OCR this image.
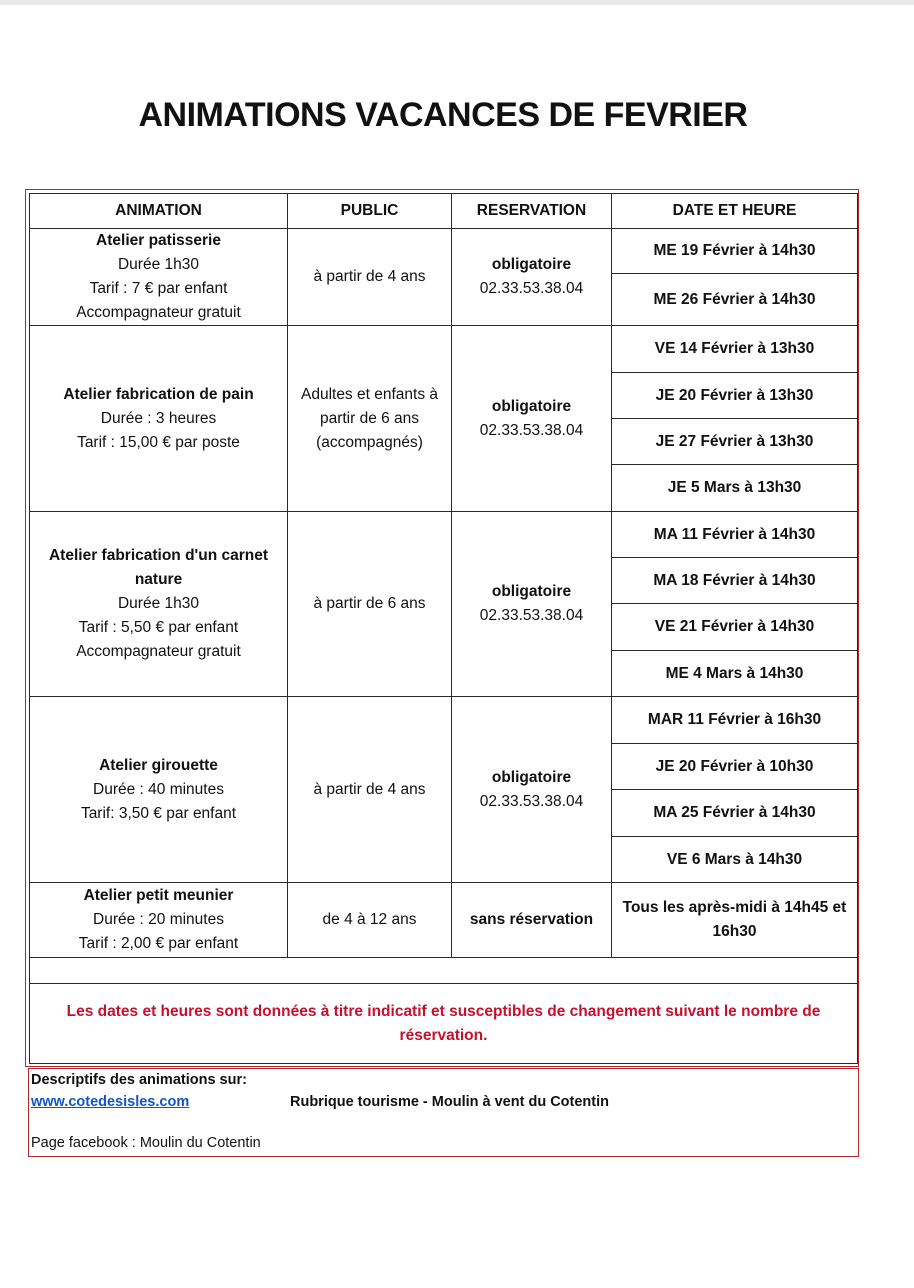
ANIMATIONS VACANCES DE FEVRIER
ANIMATION	PUBLIC	RESERVATION	DATE ET HEURE

Atelier patisserie
Durée 1h30
Tarif : 7 € par enfant
Accompagnateur gratuit	à partir de 4 ans	obligatoire
02.33.53.38.04	ME 19 Février à 14h30
			ME 26 Février à 14h30

Atelier fabrication de pain
Durée : 3 heures
Tarif : 15,00 € par poste	Adultes et enfants à partir de 6 ans (accompagnés)	obligatoire
02.33.53.38.04	VE 14 Février à 13h30
			JE 20 Février à 13h30
			JE 27 Février à 13h30
			JE 5 Mars à 13h30

Atelier fabrication d'un carnet nature
Durée 1h30
Tarif : 5,50 € par enfant
Accompagnateur gratuit	à partir de 6 ans	obligatoire
02.33.53.38.04	MA 11 Février à 14h30
			MA 18 Février à 14h30
			VE 21 Février à 14h30
			ME 4 Mars à 14h30

Atelier girouette
Durée : 40 minutes
Tarif: 3,50 € par enfant	à partir de 4 ans	obligatoire
02.33.53.38.04	MAR 11 Février à 16h30
			JE 20 Février à 10h30
			MA 25 Février à 14h30
			VE 6 Mars à 14h30

Atelier petit meunier
Durée : 20 minutes
Tarif : 2,00 € par enfant	de 4 à 12 ans	sans réservation	Tous les après-midi à 14h45 et 16h30

Les dates et heures sont données à titre indicatif et susceptibles de changement suivant le nombre de réservation.			
Descriptifs des animations sur:
www.cotedesisles.com	Rubrique tourisme - Moulin à vent du Cotentin
Page facebook : Moulin du Cotentin
